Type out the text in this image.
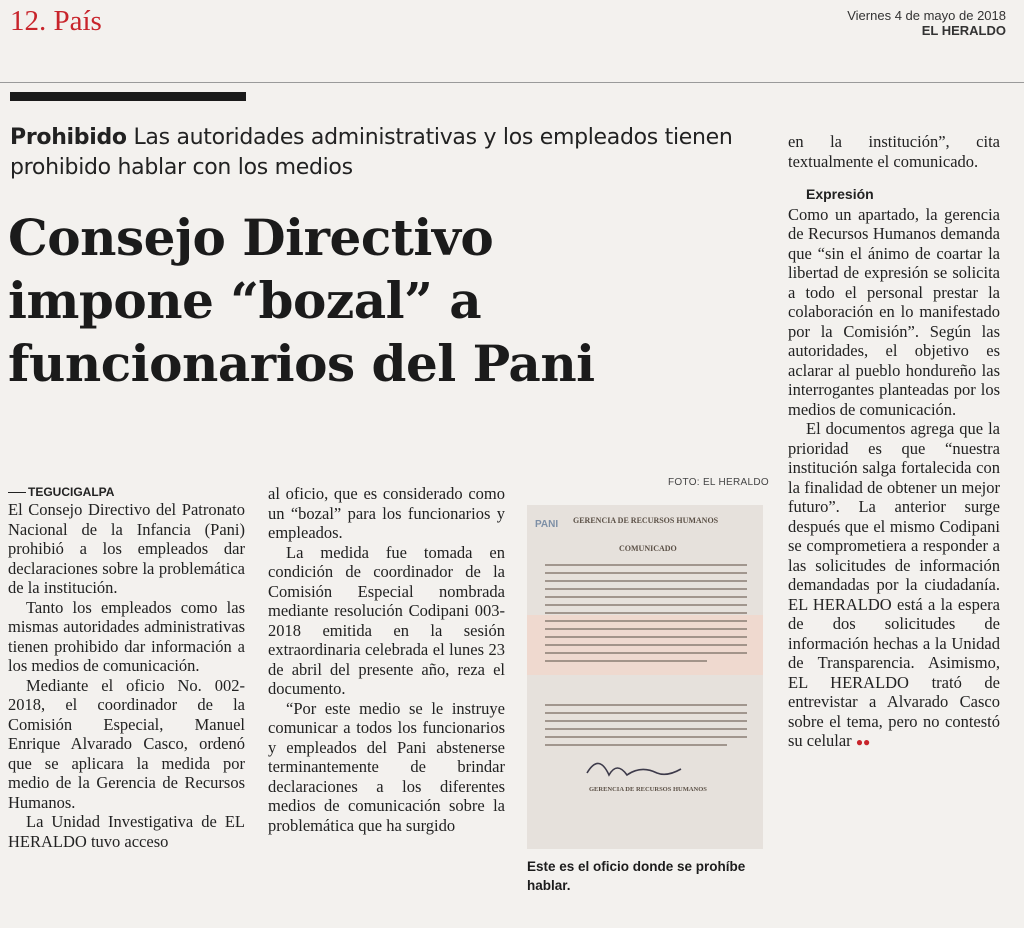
12. País	Viernes 4 de mayo de 2018
EL HERALDO
Prohibido Las autoridades administrativas y los empleados tienen prohibido hablar con los medios
Consejo Directivo
impone “bozal” a
funcionarios del Pani
TEGUCIGALPA

El Consejo Directivo del Patronato Nacional de la Infancia (Pani) prohibió a los empleados dar declaraciones sobre la problemática de la institución.

Tanto los empleados como las mismas autoridades administrativas tienen prohibido dar información a los medios de comunicación.

Mediante el oficio No. 002-2018, el coordinador de la Comisión Especial, Manuel Enrique Alvarado Casco, ordenó que se aplicara la medida por medio de la Gerencia de Recursos Humanos.

La Unidad Investigativa de EL HERALDO tuvo acceso

al oficio, que es considerado como un “bozal” para los funcionarios y empleados.

La medida fue tomada en condición de coordinador de la Comisión Especial nombrada mediante resolución Codipani 003-2018 emitida en la sesión extraordinaria celebrada el lunes 23 de abril del presente año, reza el documento.

“Por este medio se le instruye comunicar a todos los funcionarios y empleados del Pani abstenerse terminantemente de brindar declaraciones a los diferentes medios de comunicación sobre la problemática que ha surgido

FOTO: EL HERALDO
PANI GERENCIA DE RECURSOS HUMANOS
COMUNICADO
GERENCIA DE RECURSOS HUMANOS
Este es el oficio donde se prohíbe hablar.

en la institución”, cita textualmente el comunicado.

Expresión

Como un apartado, la gerencia de Recursos Humanos demanda que “sin el ánimo de coartar la libertad de expresión se solicita a todo el personal prestar la colaboración en lo manifestado por la Comisión”. Según las autoridades, el objetivo es aclarar al pueblo hondureño las interrogantes planteadas por los medios de comunicación.

El documentos agrega que la prioridad es que “nuestra institución salga fortalecida con la finalidad de obtener un mejor futuro”. La anterior surge después que el mismo Codipani se comprometiera a responder a las solicitudes de información demandadas por la ciudadanía. EL HERALDO está a la espera de dos solicitudes de información hechas a la Unidad de Transparencia. Asimismo, EL HERALDO trató de entrevistar a Alvarado Casco sobre el tema, pero no contestó su celular ●●
